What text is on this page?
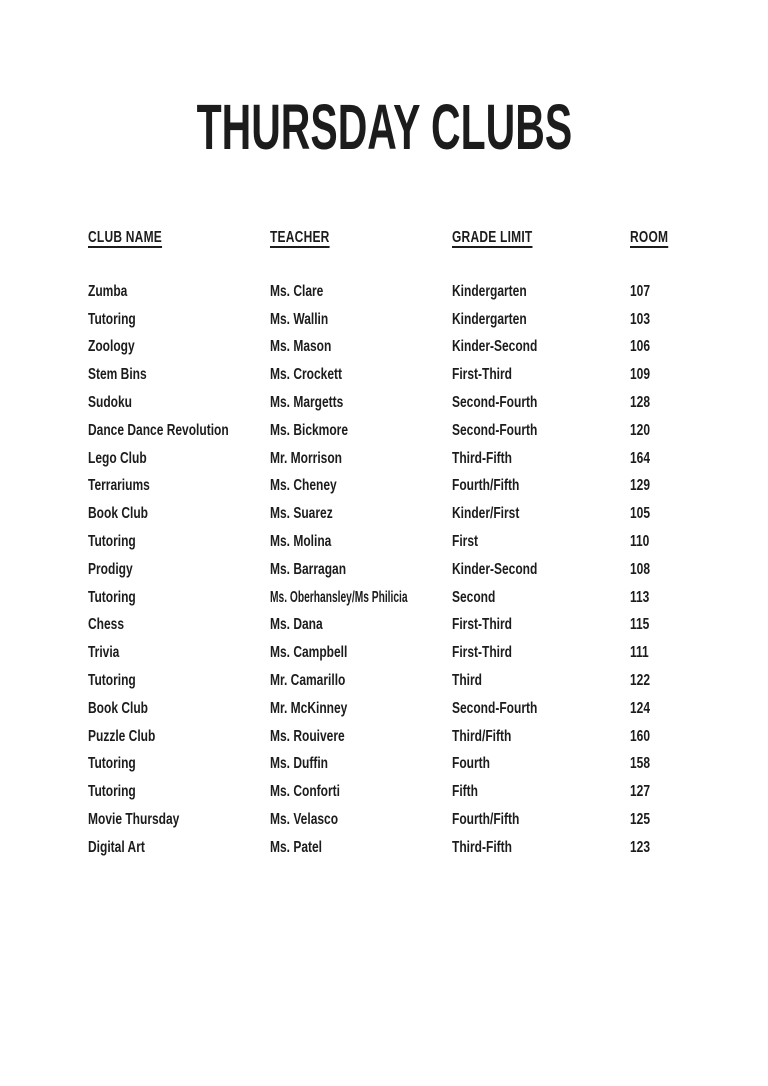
THURSDAY CLUBS
CLUB NAME	TEACHER	GRADE LIMIT	ROOM
Zumba	Ms. Clare	Kindergarten	107
Tutoring	Ms. Wallin	Kindergarten	103
Zoology	Ms. Mason	Kinder-Second	106
Stem Bins	Ms. Crockett	First-Third	109
Sudoku	Ms. Margetts	Second-Fourth	128
Dance Dance Revolution	Ms. Bickmore	Second-Fourth	120
Lego Club	Mr. Morrison	Third-Fifth	164
Terrariums	Ms. Cheney	Fourth/Fifth	129
Book Club	Ms. Suarez	Kinder/First	105
Tutoring	Ms. Molina	First	110
Prodigy	Ms. Barragan	Kinder-Second	108
Tutoring	Ms. Oberhansley/Ms Philicia	Second	113
Chess	Ms. Dana	First-Third	115
Trivia	Ms. Campbell	First-Third	111
Tutoring	Mr. Camarillo	Third	122
Book Club	Mr. McKinney	Second-Fourth	124
Puzzle Club	Ms. Rouivere	Third/Fifth	160
Tutoring	Ms. Duffin	Fourth	158
Tutoring	Ms. Conforti	Fifth	127
Movie Thursday	Ms. Velasco	Fourth/Fifth	125
Digital Art	Ms. Patel	Third-Fifth	123
